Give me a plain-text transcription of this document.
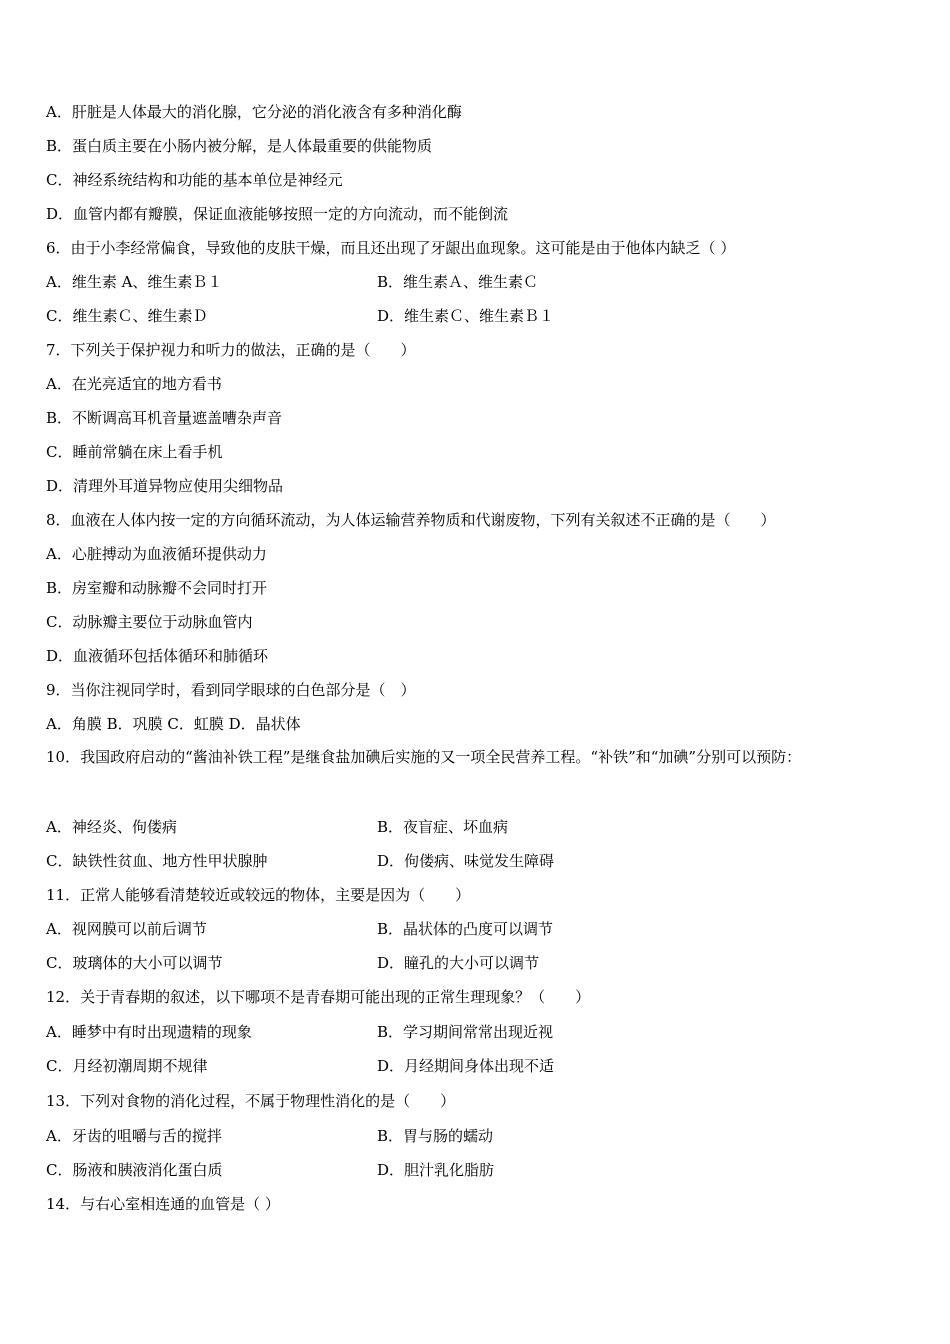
A．肝脏是人体最大的消化腺，它分泌的消化液含有多种消化酶
B．蛋白质主要在小肠内被分解，是人体最重要的供能物质
C．神经系统结构和功能的基本单位是神经元
D．血管内都有瓣膜，保证血液能够按照一定的方向流动，而不能倒流
6．由于小李经常偏食，导致他的皮肤干燥，而且还出现了牙龈出血现象。这可能是由于他体内缺乏（ ）
A．维生素 A、维生素Ｂ１	B．维生素Ａ、维生素Ｃ
C．维生素Ｃ、维生素Ｄ	D．维生素Ｃ、维生素Ｂ１
7．下列关于保护视力和听力的做法，正确的是（　　）
A．在光亮适宜的地方看书
B．不断调高耳机音量遮盖嘈杂声音
C．睡前常躺在床上看手机
D．清理外耳道异物应使用尖细物品
8．血液在人体内按一定的方向循环流动，为人体运输营养物质和代谢废物，下列有关叙述不正确的是（　　）
A．心脏搏动为血液循环提供动力
B．房室瓣和动脉瓣不会同时打开
C．动脉瓣主要位于动脉血管内
D．血液循环包括体循环和肺循环
9．当你注视同学时，看到同学眼球的白色部分是（　）
A．角膜 B．巩膜 C．虹膜 D．晶状体
10．我国政府启动的“酱油补铁工程”是继食盐加碘后实施的又一项全民营养工程。“补铁”和“加碘”分别可以预防：
A．神经炎、佝偻病	B．夜盲症、坏血病
C．缺铁性贫血、地方性甲状腺肿	D．佝偻病、味觉发生障碍
11．正常人能够看清楚较近或较远的物体，主要是因为（　　）
A．视网膜可以前后调节	B．晶状体的凸度可以调节
C．玻璃体的大小可以调节	D．瞳孔的大小可以调节
12．关于青春期的叙述，以下哪项不是青春期可能出现的正常生理现象？（　　）
A．睡梦中有时出现遗精的现象	B．学习期间常常出现近视
C．月经初潮周期不规律	D．月经期间身体出现不适
13．下列对食物的消化过程，不属于物理性消化的是（　　）
A．牙齿的咀嚼与舌的搅拌	B．胃与肠的蠕动
C．肠液和胰液消化蛋白质	D．胆汁乳化脂肪
14．与右心室相连通的血管是（ ）
